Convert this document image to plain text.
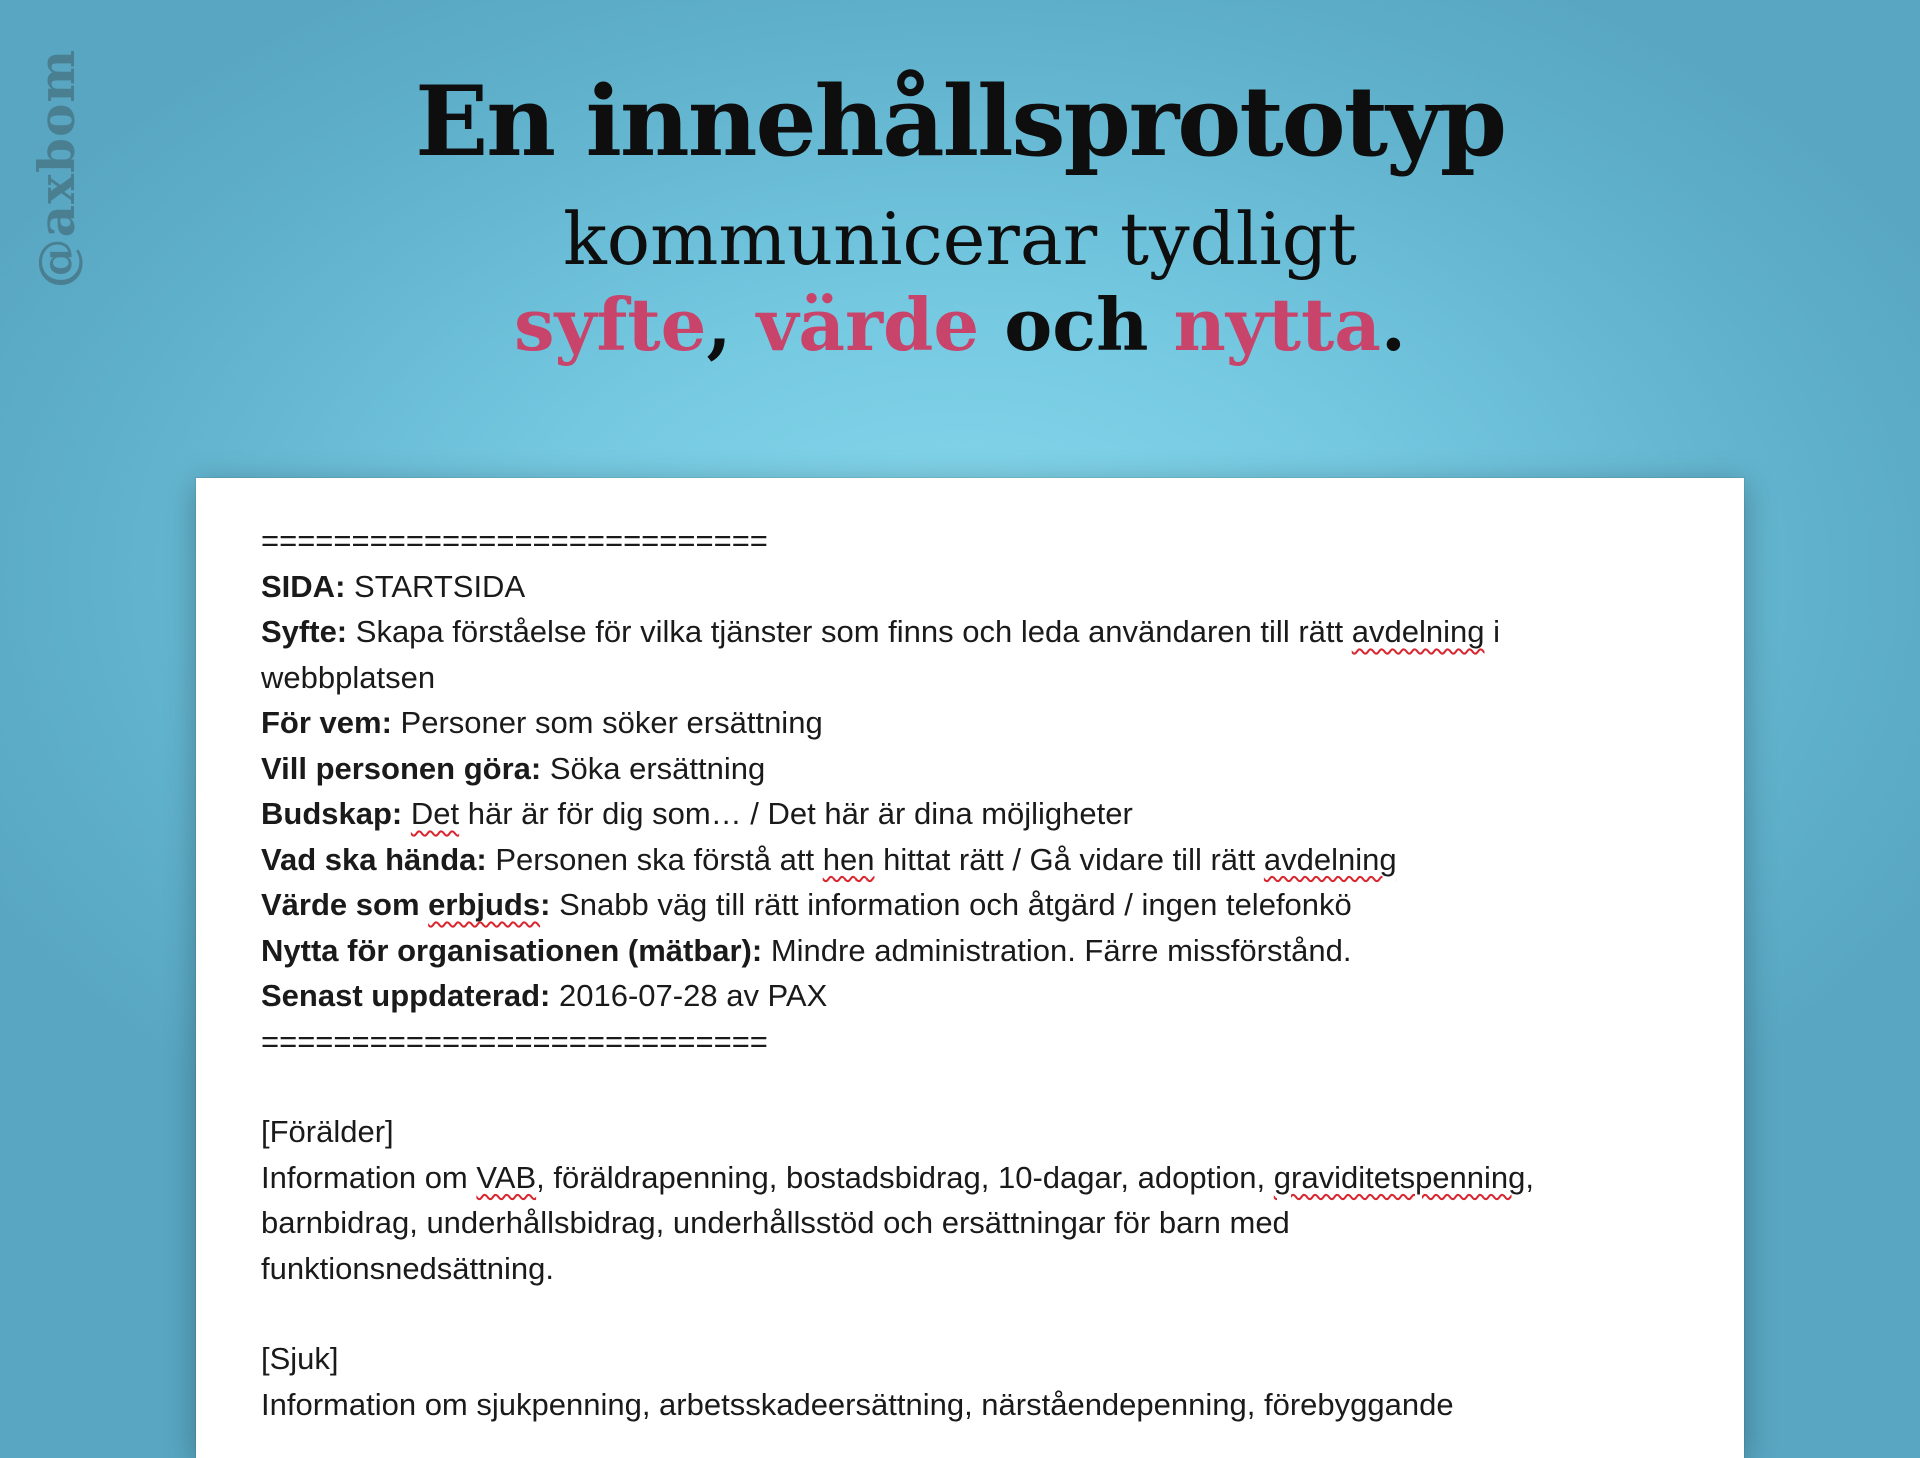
@axbom	En innehållsprototyp
kommunicerar tydligt
syfte, värde och nytta.
============================
SIDA: STARTSIDA
Syfte: Skapa förståelse för vilka tjänster som finns och leda användaren till rätt avdelning i
webbplatsen
För vem: Personer som söker ersättning
Vill personen göra: Söka ersättning
Budskap: Det här är för dig som… / Det här är dina möjligheter
Vad ska hända: Personen ska förstå att hen hittat rätt / Gå vidare till rätt avdelning
Värde som erbjuds: Snabb väg till rätt information och åtgärd / ingen telefonkö
Nytta för organisationen (mätbar): Mindre administration. Färre missförstånd.
Senast uppdaterad: 2016-07-28 av PAX
============================
[Förälder]
Information om VAB, föräldrapenning, bostadsbidrag, 10-dagar, adoption, graviditetspenning,
barnbidrag, underhållsbidrag, underhållsstöd och ersättningar för barn med
funktionsnedsättning.
[Sjuk]
Information om sjukpenning, arbetsskadeersättning, närståendepenning, förebyggande
